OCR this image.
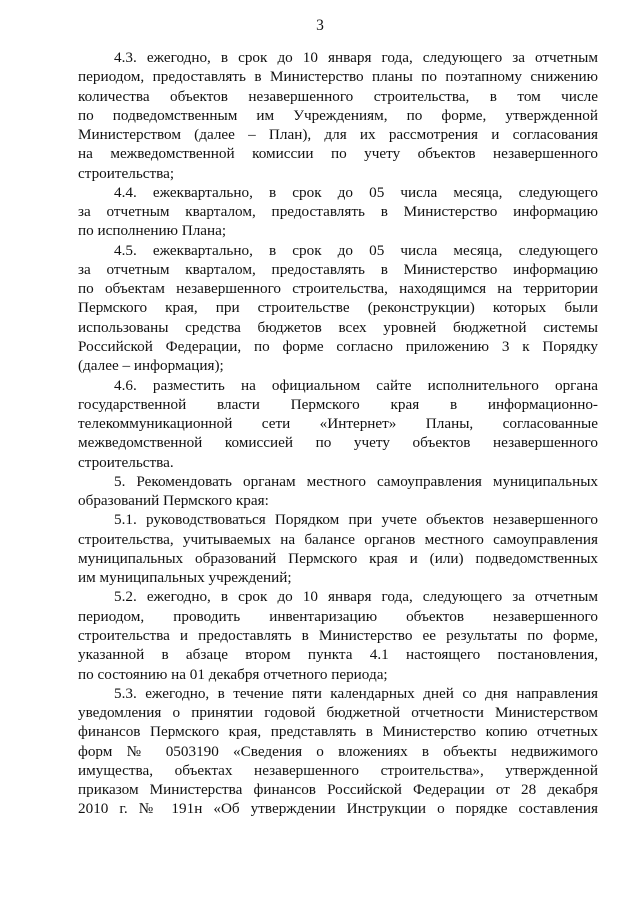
3
4.3. ежегодно, в срок до 10 января года, следующего за отчетным
периодом, предоставлять в Министерство планы по поэтапному снижению
количества объектов незавершенного строительства, в том числе
по подведомственным им Учреждениям, по форме, утвержденной
Министерством (далее – План), для их рассмотрения и согласования
на межведомственной комиссии по учету объектов незавершенного
строительства;
4.4. ежеквартально, в срок до 05 числа месяца, следующего
за отчетным кварталом, предоставлять в Министерство информацию
по исполнению Плана;
4.5. ежеквартально, в срок до 05 числа месяца, следующего
за отчетным кварталом, предоставлять в Министерство информацию
по объектам незавершенного строительства, находящимся на территории
Пермского края, при строительстве (реконструкции) которых были
использованы средства бюджетов всех уровней бюджетной системы
Российской Федерации, по форме согласно приложению 3 к Порядку
(далее – информация);
4.6. разместить на официальном сайте исполнительного органа
государственной власти Пермского края в информационно-
телекоммуникационной сети «Интернет» Планы, согласованные
межведомственной комиссией по учету объектов незавершенного
строительства.
5. Рекомендовать органам местного самоуправления муниципальных
образований Пермского края:
5.1. руководствоваться Порядком при учете объектов незавершенного
строительства, учитываемых на балансе органов местного самоуправления
муниципальных образований Пермского края и (или) подведомственных
им муниципальных учреждений;
5.2. ежегодно, в срок до 10 января года, следующего за отчетным
периодом, проводить инвентаризацию объектов незавершенного
строительства и предоставлять в Министерство ее результаты по форме,
указанной в абзаце втором пункта 4.1 настоящего постановления,
по состоянию на 01 декабря отчетного периода;
5.3. ежегодно, в течение пяти календарных дней со дня направления
уведомления о принятии годовой бюджетной отчетности Министерством
финансов Пермского края, представлять в Министерство копию отчетных
форм № 0503190 «Сведения о вложениях в объекты недвижимого
имущества, объектах незавершенного строительства», утвержденной
приказом Министерства финансов Российской Федерации от 28 декабря
2010 г. № 191н «Об утверждении Инструкции о порядке составления
